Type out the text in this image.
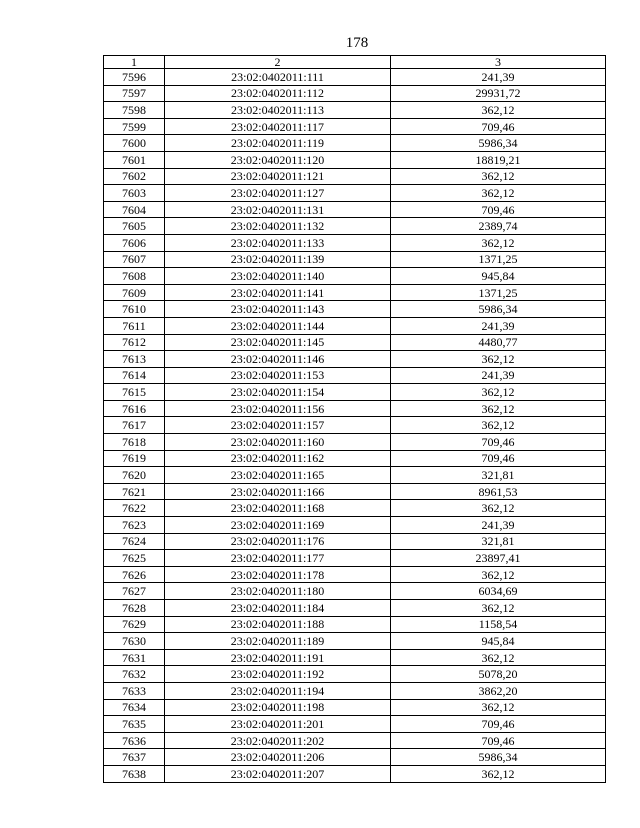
178
1	2	3
7596	23:02:0402011:111	241,39
7597	23:02:0402011:112	29931,72
7598	23:02:0402011:113	362,12
7599	23:02:0402011:117	709,46
7600	23:02:0402011:119	5986,34
7601	23:02:0402011:120	18819,21
7602	23:02:0402011:121	362,12
7603	23:02:0402011:127	362,12
7604	23:02:0402011:131	709,46
7605	23:02:0402011:132	2389,74
7606	23:02:0402011:133	362,12
7607	23:02:0402011:139	1371,25
7608	23:02:0402011:140	945,84
7609	23:02:0402011:141	1371,25
7610	23:02:0402011:143	5986,34
7611	23:02:0402011:144	241,39
7612	23:02:0402011:145	4480,77
7613	23:02:0402011:146	362,12
7614	23:02:0402011:153	241,39
7615	23:02:0402011:154	362,12
7616	23:02:0402011:156	362,12
7617	23:02:0402011:157	362,12
7618	23:02:0402011:160	709,46
7619	23:02:0402011:162	709,46
7620	23:02:0402011:165	321,81
7621	23:02:0402011:166	8961,53
7622	23:02:0402011:168	362,12
7623	23:02:0402011:169	241,39
7624	23:02:0402011:176	321,81
7625	23:02:0402011:177	23897,41
7626	23:02:0402011:178	362,12
7627	23:02:0402011:180	6034,69
7628	23:02:0402011:184	362,12
7629	23:02:0402011:188	1158,54
7630	23:02:0402011:189	945,84
7631	23:02:0402011:191	362,12
7632	23:02:0402011:192	5078,20
7633	23:02:0402011:194	3862,20
7634	23:02:0402011:198	362,12
7635	23:02:0402011:201	709,46
7636	23:02:0402011:202	709,46
7637	23:02:0402011:206	5986,34
7638	23:02:0402011:207	362,12
